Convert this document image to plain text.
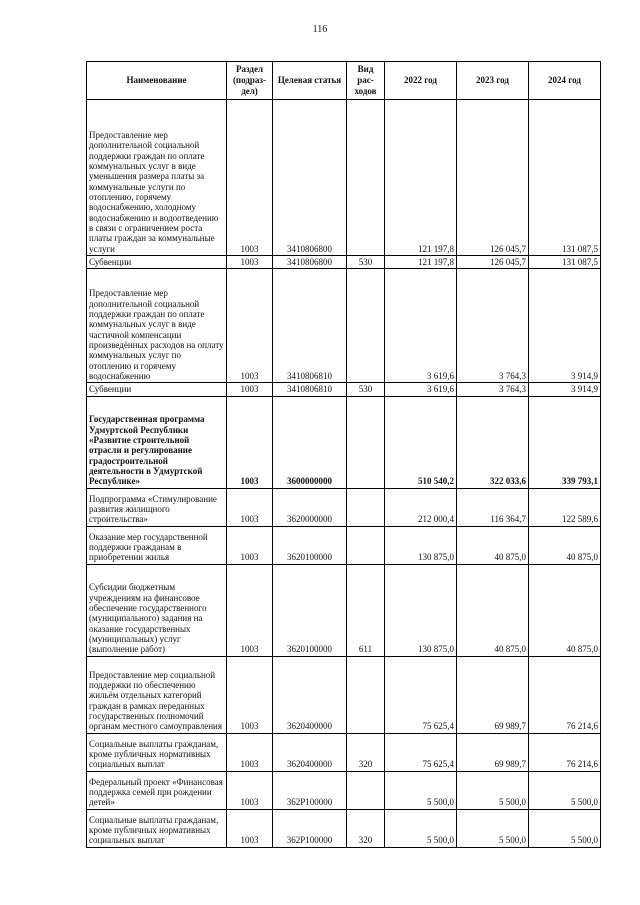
116
Наименование	Раздел (подраз-дел)	Целевая статья	Вид рас-ходов	2022 год	2023 год	2024 год
Предоставление мер дополнительной социальной поддержки граждан по оплате коммунальных услуг в виде уменьшения размера платы за коммунальные услуги по отоплению, горячему водоснабжению, холодному водоснабжению и водоотведению в связи с ограничением роста платы граждан за коммунальные услуги	1003	3410806800		121 197,8	126 045,7	131 087,5
Субвенции	1003	3410806800	530	121 197,8	126 045,7	131 087,5
Предоставление мер дополнительной социальной поддержки граждан по оплате коммунальных услуг в виде частичной компенсации произведённых расходов на оплату коммунальных услуг по отоплению и горячему водоснабжению	1003	3410806810		3 619,6	3 764,3	3 914,9
Субвенции	1003	3410806810	530	3 619,6	3 764,3	3 914,9
Государственная программа Удмуртской Республики «Развитие строительной отрасли и регулирование градостроительной деятельности в Удмуртской Республике»	1003	3600000000		510 540,2	322 033,6	339 793,1
Подпрограмма «Стимулирование развития жилищного строительства»	1003	3620000000		212 000,4	116 364,7	122 589,6
Оказание мер государственной поддержки гражданам в приобретении жилья	1003	3620100000		130 875,0	40 875,0	40 875,0
Субсидии бюджетным учреждениям на финансовое обеспечение государственного (муниципального) задания на оказание государственных (муниципальных) услуг (выполнение работ)	1003	3620100000	611	130 875,0	40 875,0	40 875,0
Предоставление мер социальной поддержки по обеспечению жильём отдельных категорий граждан в рамках переданных государственных полномочий органам местного самоуправления	1003	3620400000		75 625,4	69 989,7	76 214,6
Социальные выплаты гражданам, кроме публичных нормативных социальных выплат	1003	3620400000	320	75 625,4	69 989,7	76 214,6
Федеральный проект «Финансовая поддержка семей при рождении детей»	1003	362P100000		5 500,0	5 500,0	5 500,0
Социальные выплаты гражданам, кроме публичных нормативных социальных выплат	1003	362P100000	320	5 500,0	5 500,0	5 500,0
